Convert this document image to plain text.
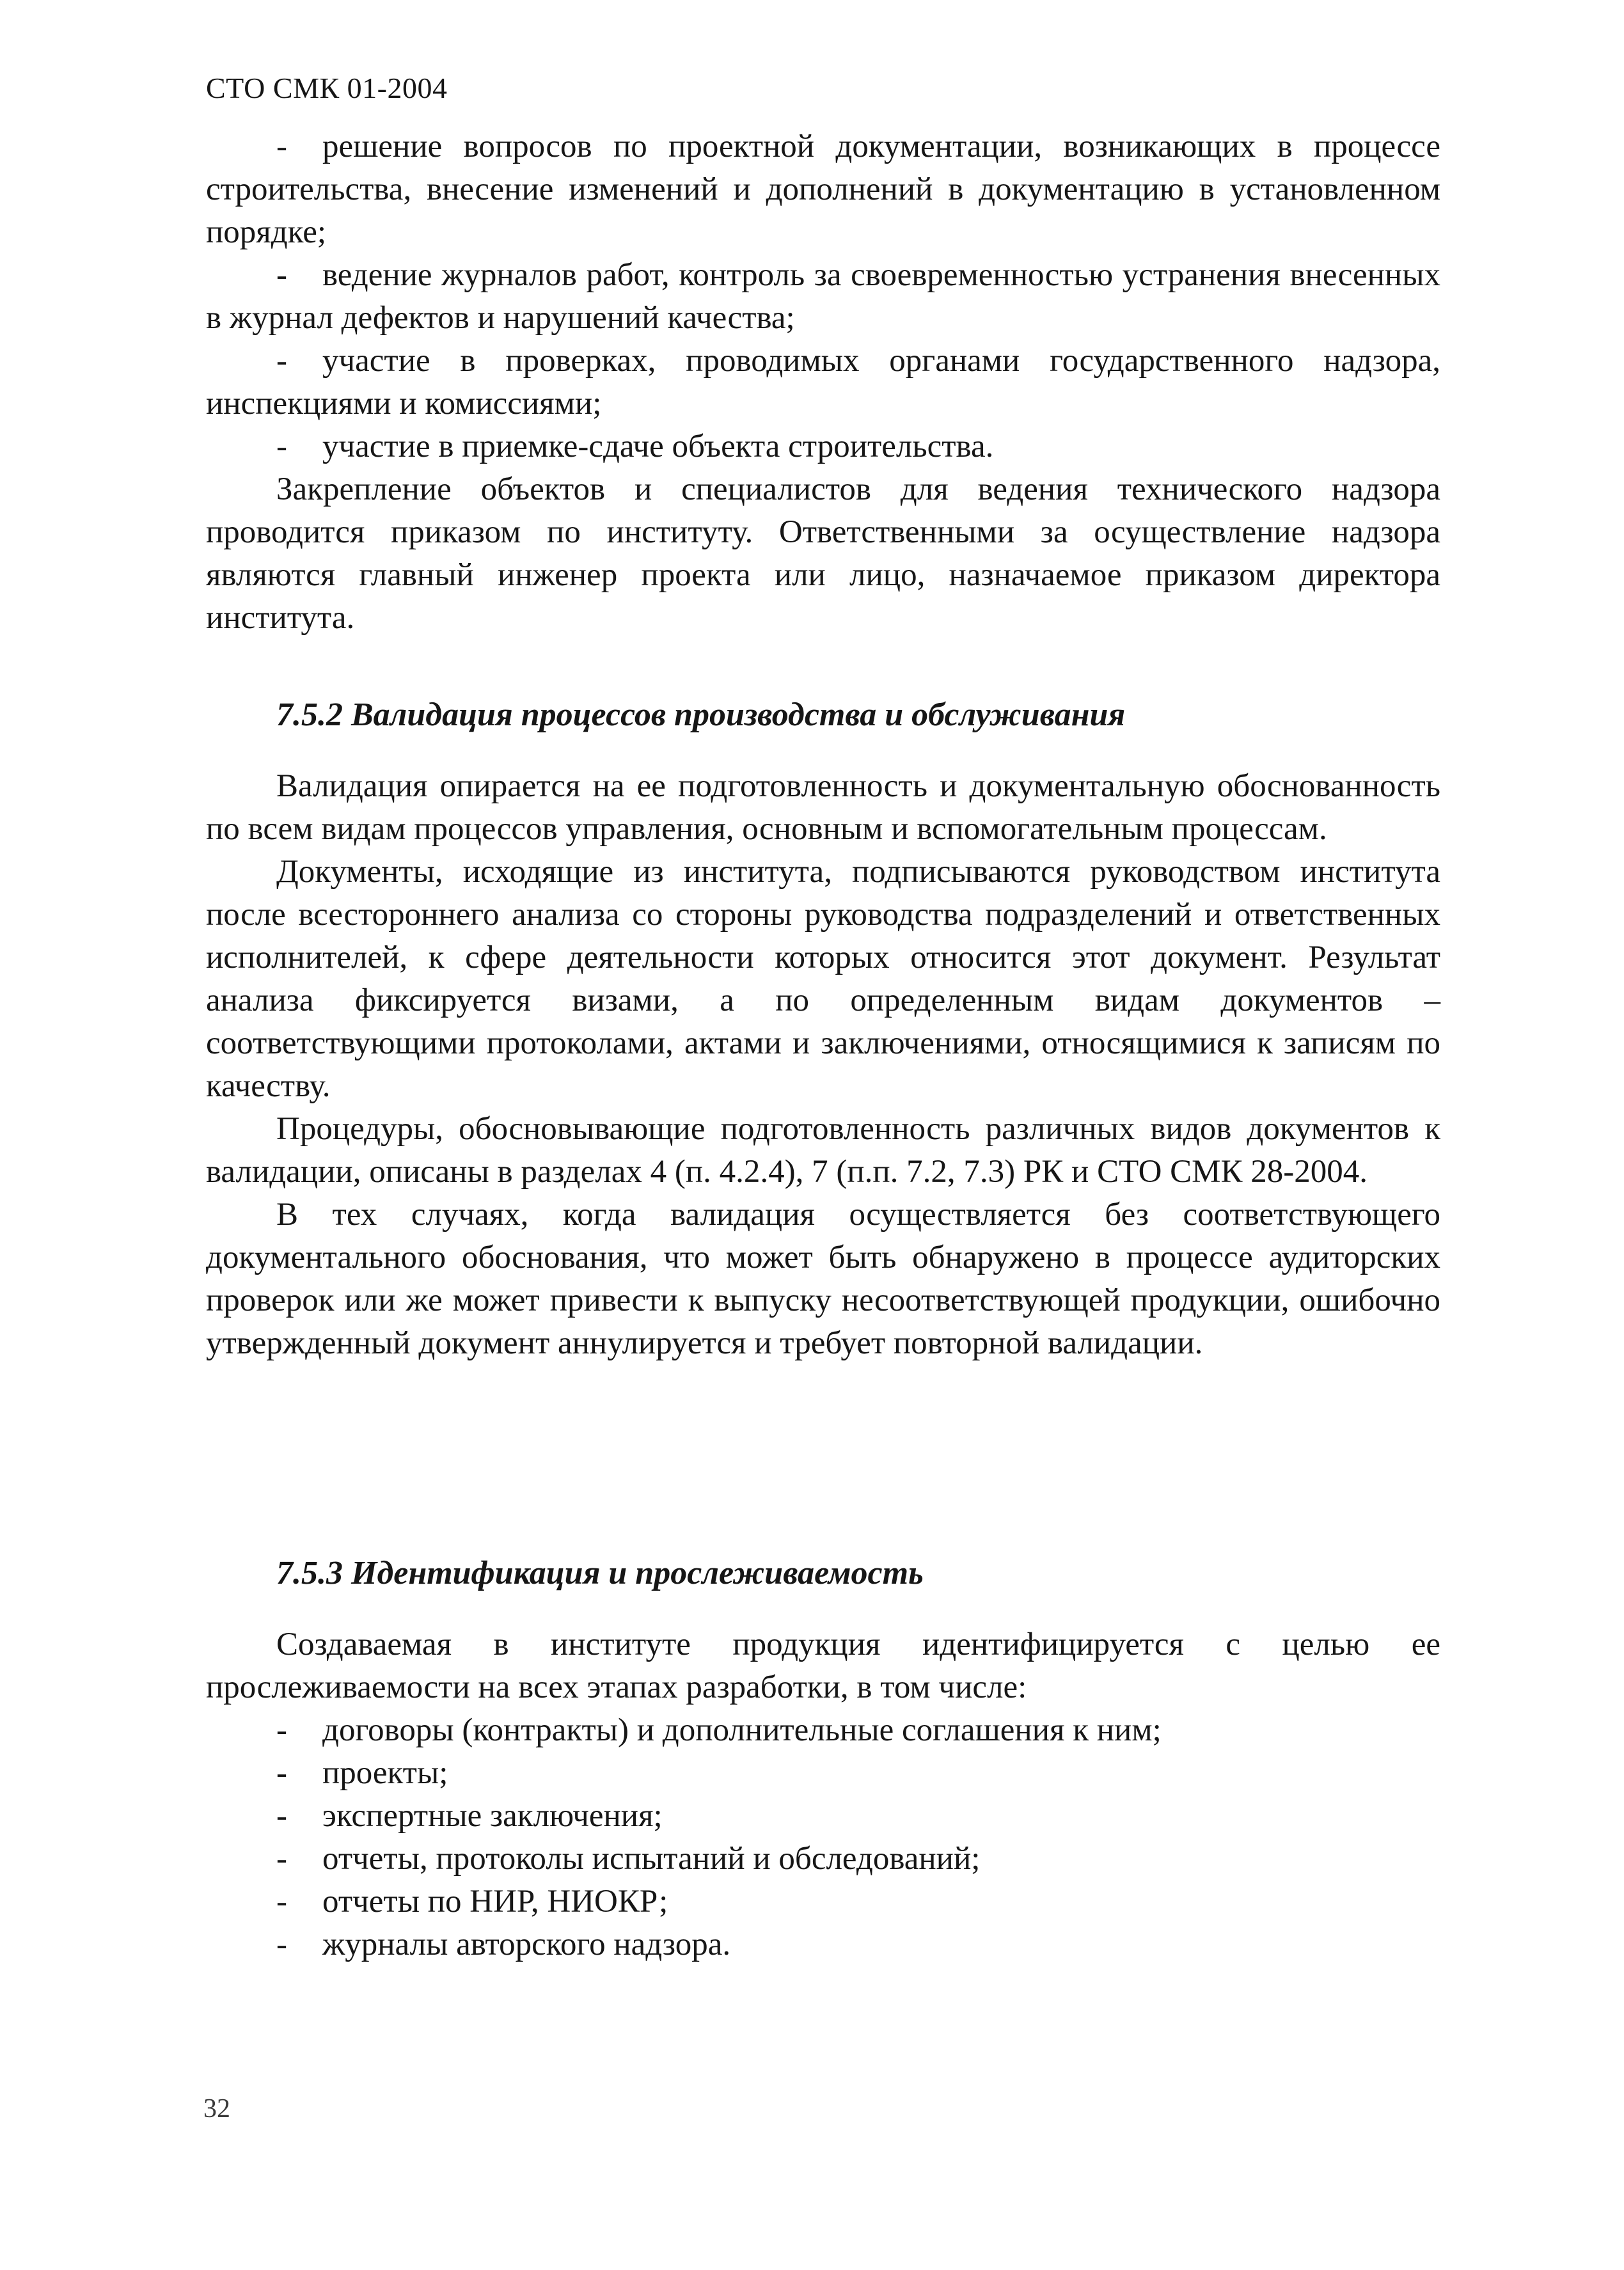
СТО СМК 01-2004

- решение вопросов по проектной документации, возникающих в процессе строительства, внесение изменений и дополнений в документацию в установленном порядке;

- ведение журналов работ, контроль за своевременностью устранения внесенных в журнал дефектов и нарушений качества;

- участие в проверках, проводимых органами государственного надзора, инспекциями и комиссиями;

- участие в приемке-сдаче объекта строительства.

Закрепление объектов и специалистов для ведения технического надзора проводится приказом по институту. Ответственными за осуществление надзора являются главный инженер проекта или лицо, назначаемое приказом директора института.

7.5.2 Валидация процессов производства и обслуживания

Валидация опирается на ее подготовленность и документальную обоснованность по всем видам процессов управления, основным и вспомогательным процессам.

Документы, исходящие из института, подписываются руководством института после всестороннего анализа со стороны руководства подразделений и ответственных исполнителей, к сфере деятельности которых относится этот документ. Результат анализа фиксируется визами, а по определенным видам документов – соответствующими протоколами, актами и заключениями, относящимися к записям по качеству.

Процедуры, обосновывающие подготовленность различных видов документов к валидации, описаны в разделах 4 (п. 4.2.4), 7 (п.п. 7.2, 7.3) РК и СТО СМК 28-2004.

В тех случаях, когда валидация осуществляется без соответствующего документального обоснования, что может быть обнаружено в процессе аудиторских проверок или же может привести к выпуску несоответствующей продукции, ошибочно утвержденный документ аннулируется и требует повторной валидации.

7.5.3 Идентификация и прослеживаемость

Создаваемая в институте продукция идентифицируется с целью ее прослеживаемости на всех этапах разработки, в том числе:

-	договоры (контракты) и дополнительные соглашения к ним;
-	проекты;
-	экспертные заключения;
-	отчеты, протоколы испытаний и обследований;
-	отчеты по НИР, НИОКР;
-	журналы авторского надзора.
32
